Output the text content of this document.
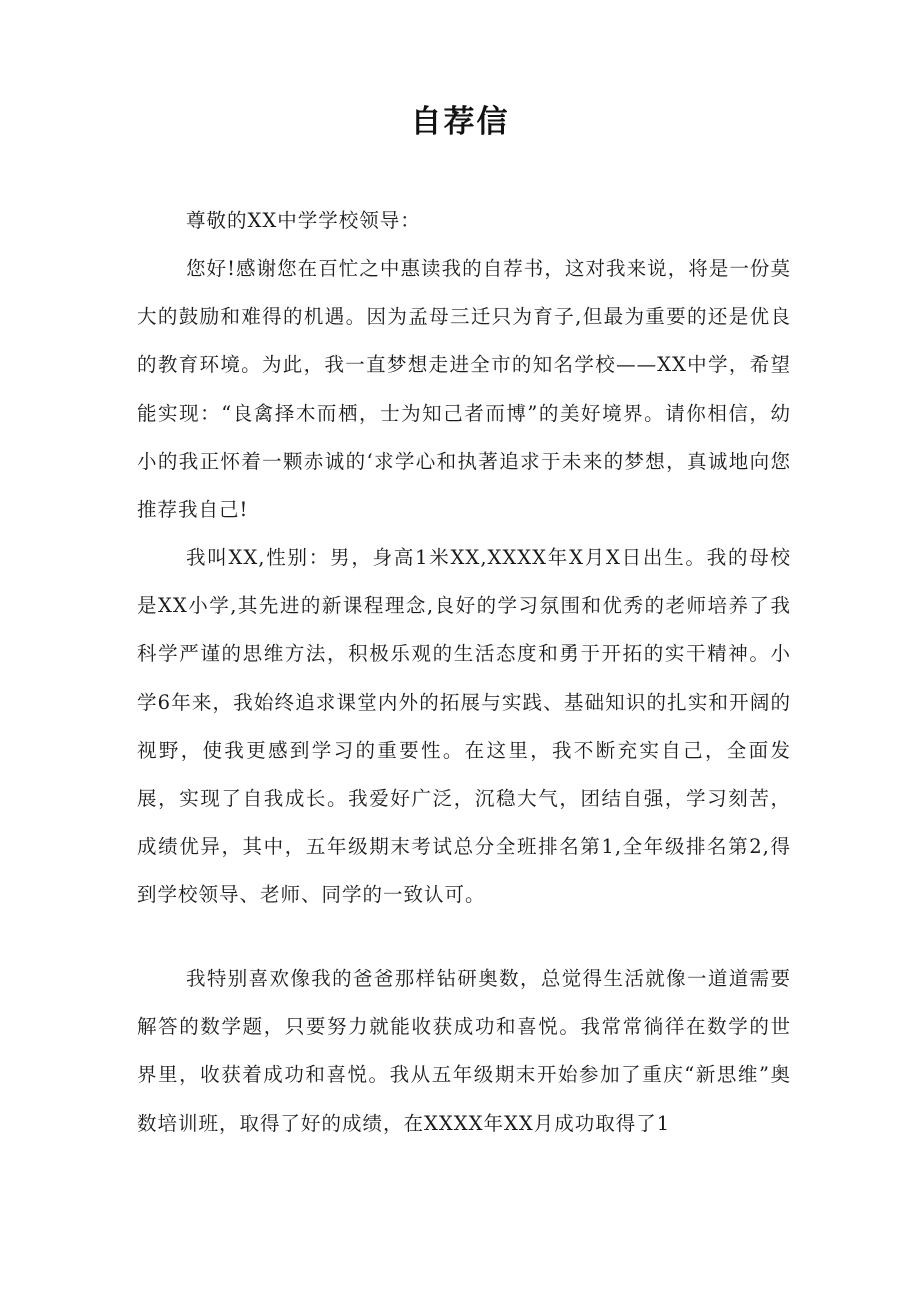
自荐信
尊敬的XX中学学校领导：

您好!感谢您在百忙之中惠读我的自荐书，这对我来说，将是一份莫大的鼓励和难得的机遇。因为孟母三迁只为育子,但最为重要的还是优良的教育环境。为此，我一直梦想走进全市的知名学校——XX中学，希望能实现：“良禽择木而栖，士为知己者而博”的美好境界。请你相信，幼小的我正怀着一颗赤诚的‘求学心和执著追求于未来的梦想，真诚地向您推荐我自己!

我叫XX,性别：男，身高1米XX,XXXX年X月X日出生。我的母校是XX小学,其先进的新课程理念,良好的学习氛围和优秀的老师培养了我科学严谨的思维方法，积极乐观的生活态度和勇于开拓的实干精神。小学6年来，我始终追求课堂内外的拓展与实践、基础知识的扎实和开阔的视野，使我更感到学习的重要性。在这里，我不断充实自己，全面发展，实现了自我成长。我爱好广泛，沉稳大气，团结自强，学习刻苦，成绩优异，其中，五年级期末考试总分全班排名第1,全年级排名第2,得到学校领导、老师、同学的一致认可。

我特别喜欢像我的爸爸那样钻研奥数，总觉得生活就像一道道需要解答的数学题，只要努力就能收获成功和喜悦。我常常徜徉在数学的世界里，收获着成功和喜悦。我从五年级期末开始参加了重庆“新思维”奥数培训班，取得了好的成绩，在XXXX年XX月成功取得了1
